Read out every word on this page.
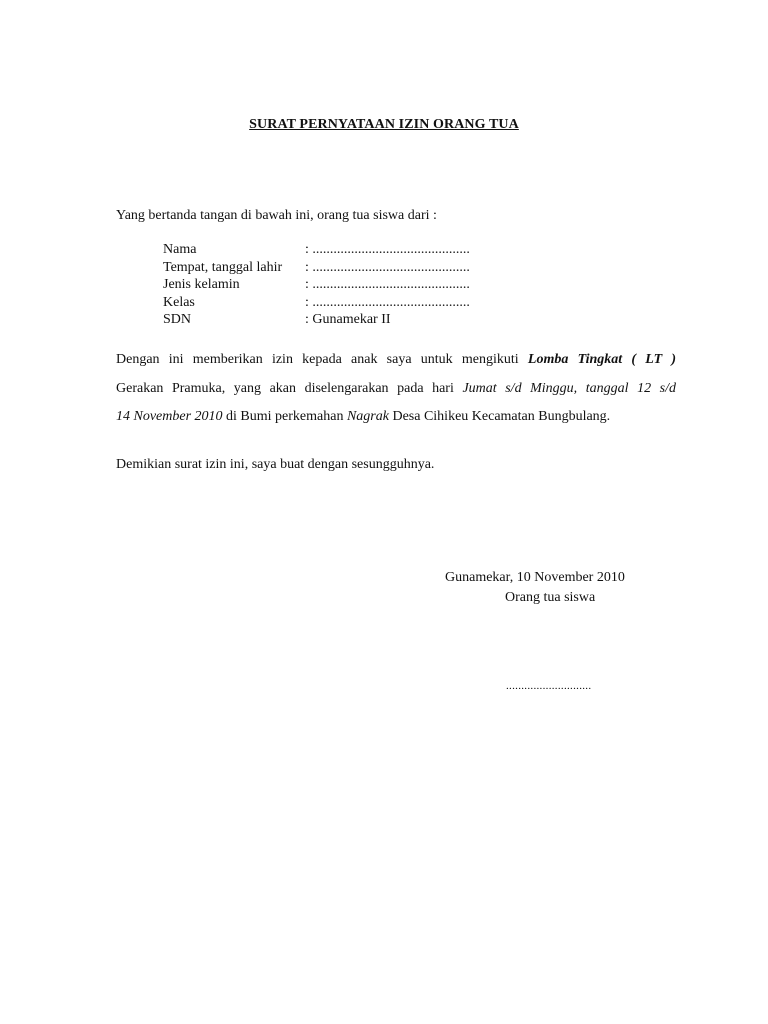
SURAT PERNYATAAN IZIN ORANG TUA
Yang bertanda tangan di bawah ini, orang tua siswa dari :
Nama	: .............................................
Tempat, tanggal lahir : .............................................
Jenis kelamin	: .............................................
Kelas	: .............................................
SDN	: Gunamekar II
Dengan ini memberikan izin kepada anak saya untuk mengikuti Lomba Tingkat ( LT )
Gerakan Pramuka, yang akan diselengarakan pada hari Jumat s/d Minggu, tanggal 12 s/d
14 November 2010 di Bumi perkemahan Nagrak Desa Cihikeu Kecamatan Bungbulang.
Demikian surat izin ini, saya buat dengan sesungguhnya.
Gunamekar, 10 November 2010
Orang tua siswa
............................
